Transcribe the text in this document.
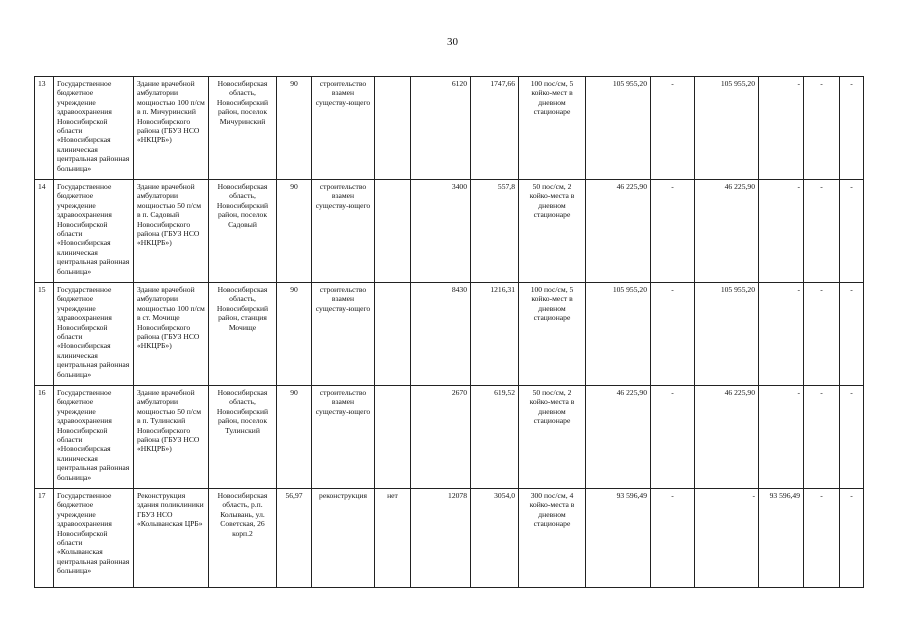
30
13	Государственное бюджетное учреждение здравоохранения Новосибирской области «Новосибирская клиническая центральная районная больница»	Здание врачебной амбулатории мощностью 100 п/см в п. Мичуринский Новосибирского района (ГБУЗ НСО «НКЦРБ»)	Новосибирская область, Новосибирский район, поселок Мичуринский	90	строительство взамен существу-ющего		6120	1747,66	100 пос/см, 5 койко-мест в дневном стационаре	105 955,20	-	105 955,20	-	-	-
14	Государственное бюджетное учреждение здравоохранения Новосибирской области «Новосибирская клиническая центральная районная больница»	Здание врачебной амбулатории мощностью 50 п/см в п. Садовый Новосибирского района (ГБУЗ НСО «НКЦРБ»)	Новосибирская область, Новосибирский район, поселок Садовый	90	строительство взамен существу-ющего		3400	557,8	50 пос/см, 2 койко-места в дневном стационаре	46 225,90	-	46 225,90	-	-	-
15	Государственное бюджетное учреждение здравоохранения Новосибирской области «Новосибирская клиническая центральная районная больница»	Здание врачебной амбулатории мощностью 100 п/см в ст. Мочище Новосибирского района (ГБУЗ НСО «НКЦРБ»)	Новосибирская область, Новосибирский район, станция Мочище	90	строительство взамен существу-ющего		8430	1216,31	100 пос/см, 5 койко-мест в дневном стационаре	105 955,20	-	105 955,20	-	-	-
16	Государственное бюджетное учреждение здравоохранения Новосибирской области «Новосибирская клиническая центральная районная больница»	Здание врачебной амбулатории мощностью 50 п/см в п. Тулинский Новосибирского района (ГБУЗ НСО «НКЦРБ»)	Новосибирская область, Новосибирский район, поселок Тулинский	90	строительство взамен существу-ющего		2670	619,52	50 пос/см, 2 койко-места в дневном стационаре	46 225,90	-	46 225,90	-	-	-
17	Государственное бюджетное учреждение здравоохранения Новосибирской области «Колыванская центральная районная больница»	Реконструкция здания поликлиники ГБУЗ НСО «Колыванская ЦРБ»	Новосибирская область, р.п. Колывань, ул. Советская, 26 корп.2	56,97	реконструкция	нет	12078	3054,0	300 пос/см, 4 койко-места в дневном стационаре	93 596,49	-	-	93 596,49	-	-
